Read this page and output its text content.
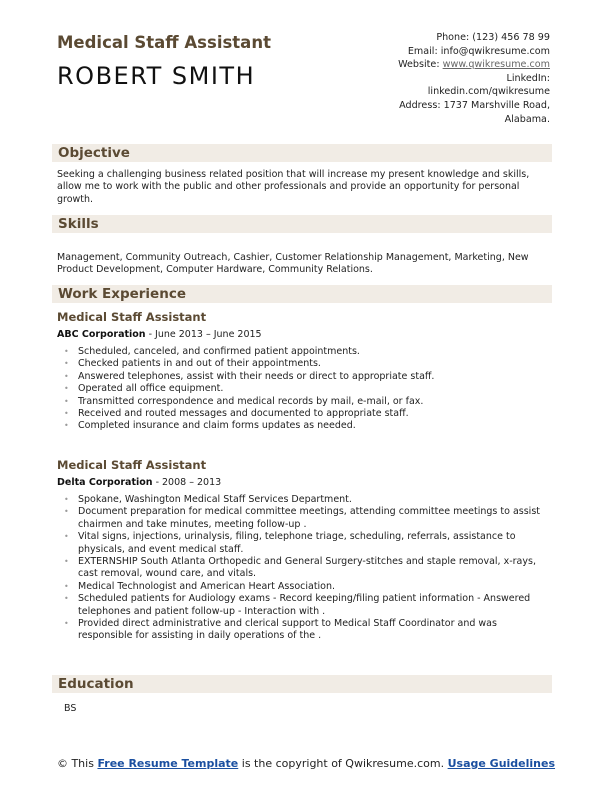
Medical Staff Assistant
ROBERT SMITH
Phone: (123) 456 78 99
Email: info@qwikresume.com
Website: www.qwikresume.com
LinkedIn:
linkedin.com/qwikresume
Address: 1737 Marshville Road,
Alabama.
Objective
Seeking a challenging business related position that will increase my present knowledge and skills, allow me to work with the public and other professionals and provide an opportunity for personal growth.
Skills
Management, Community Outreach, Cashier, Customer Relationship Management, Marketing, New Product Development, Computer Hardware, Community Relations.
Work Experience
Medical Staff Assistant
ABC Corporation - June 2013 – June 2015
• Scheduled, canceled, and confirmed patient appointments.
• Checked patients in and out of their appointments.
• Answered telephones, assist with their needs or direct to appropriate staff.
• Operated all office equipment.
• Transmitted correspondence and medical records by mail, e-mail, or fax.
• Received and routed messages and documented to appropriate staff.
• Completed insurance and claim forms updates as needed.
Medical Staff Assistant
Delta Corporation - 2008 – 2013
• Spokane, Washington Medical Staff Services Department.
• Document preparation for medical committee meetings, attending committee meetings to assist chairmen and take minutes, meeting follow-up .
• Vital signs, injections, urinalysis, filing, telephone triage, scheduling, referrals, assistance to physicals, and event medical staff.
• EXTERNSHIP South Atlanta Orthopedic and General Surgery-stitches and staple removal, x-rays, cast removal, wound care, and vitals.
• Medical Technologist and American Heart Association.
• Scheduled patients for Audiology exams - Record keeping/filing patient information - Answered telephones and patient follow-up - Interaction with .
• Provided direct administrative and clerical support to Medical Staff Coordinator and was responsible for assisting in daily operations of the .
Education
BS
© This Free Resume Template is the copyright of Qwikresume.com. Usage Guidelines
